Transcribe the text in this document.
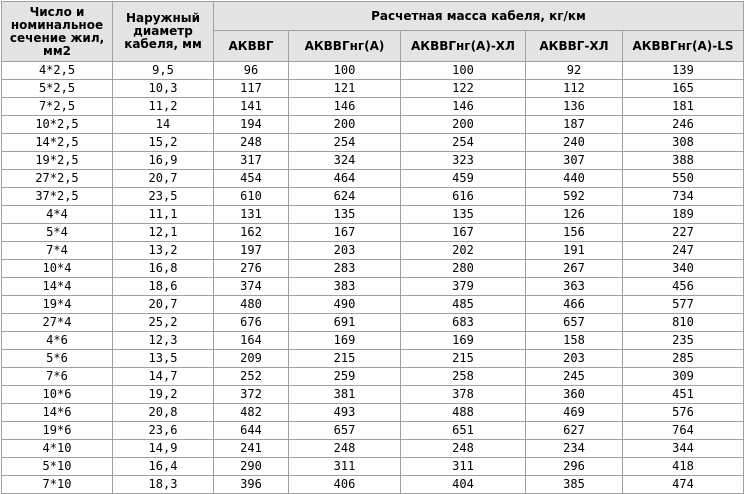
Число и
номинальное
сечение жил,
мм2	Наружный
диаметр
кабеля, мм	Расчетная масса кабеля, кг/км				
		АКВВГ	АКВВГнг(А)	АКВВГнг(А)-ХЛ	АКВВГ-ХЛ	АКВВГнг(А)-LS
4*2,5	9,5	96	100	100	92	139
5*2,5	10,3	117	121	122	112	165
7*2,5	11,2	141	146	146	136	181
10*2,5	14	194	200	200	187	246
14*2,5	15,2	248	254	254	240	308
19*2,5	16,9	317	324	323	307	388
27*2,5	20,7	454	464	459	440	550
37*2,5	23,5	610	624	616	592	734
4*4	11,1	131	135	135	126	189
5*4	12,1	162	167	167	156	227
7*4	13,2	197	203	202	191	247
10*4	16,8	276	283	280	267	340
14*4	18,6	374	383	379	363	456
19*4	20,7	480	490	485	466	577
27*4	25,2	676	691	683	657	810
4*6	12,3	164	169	169	158	235
5*6	13,5	209	215	215	203	285
7*6	14,7	252	259	258	245	309
10*6	19,2	372	381	378	360	451
14*6	20,8	482	493	488	469	576
19*6	23,6	644	657	651	627	764
4*10	14,9	241	248	248	234	344
5*10	16,4	290	311	311	296	418
7*10	18,3	396	406	404	385	474
